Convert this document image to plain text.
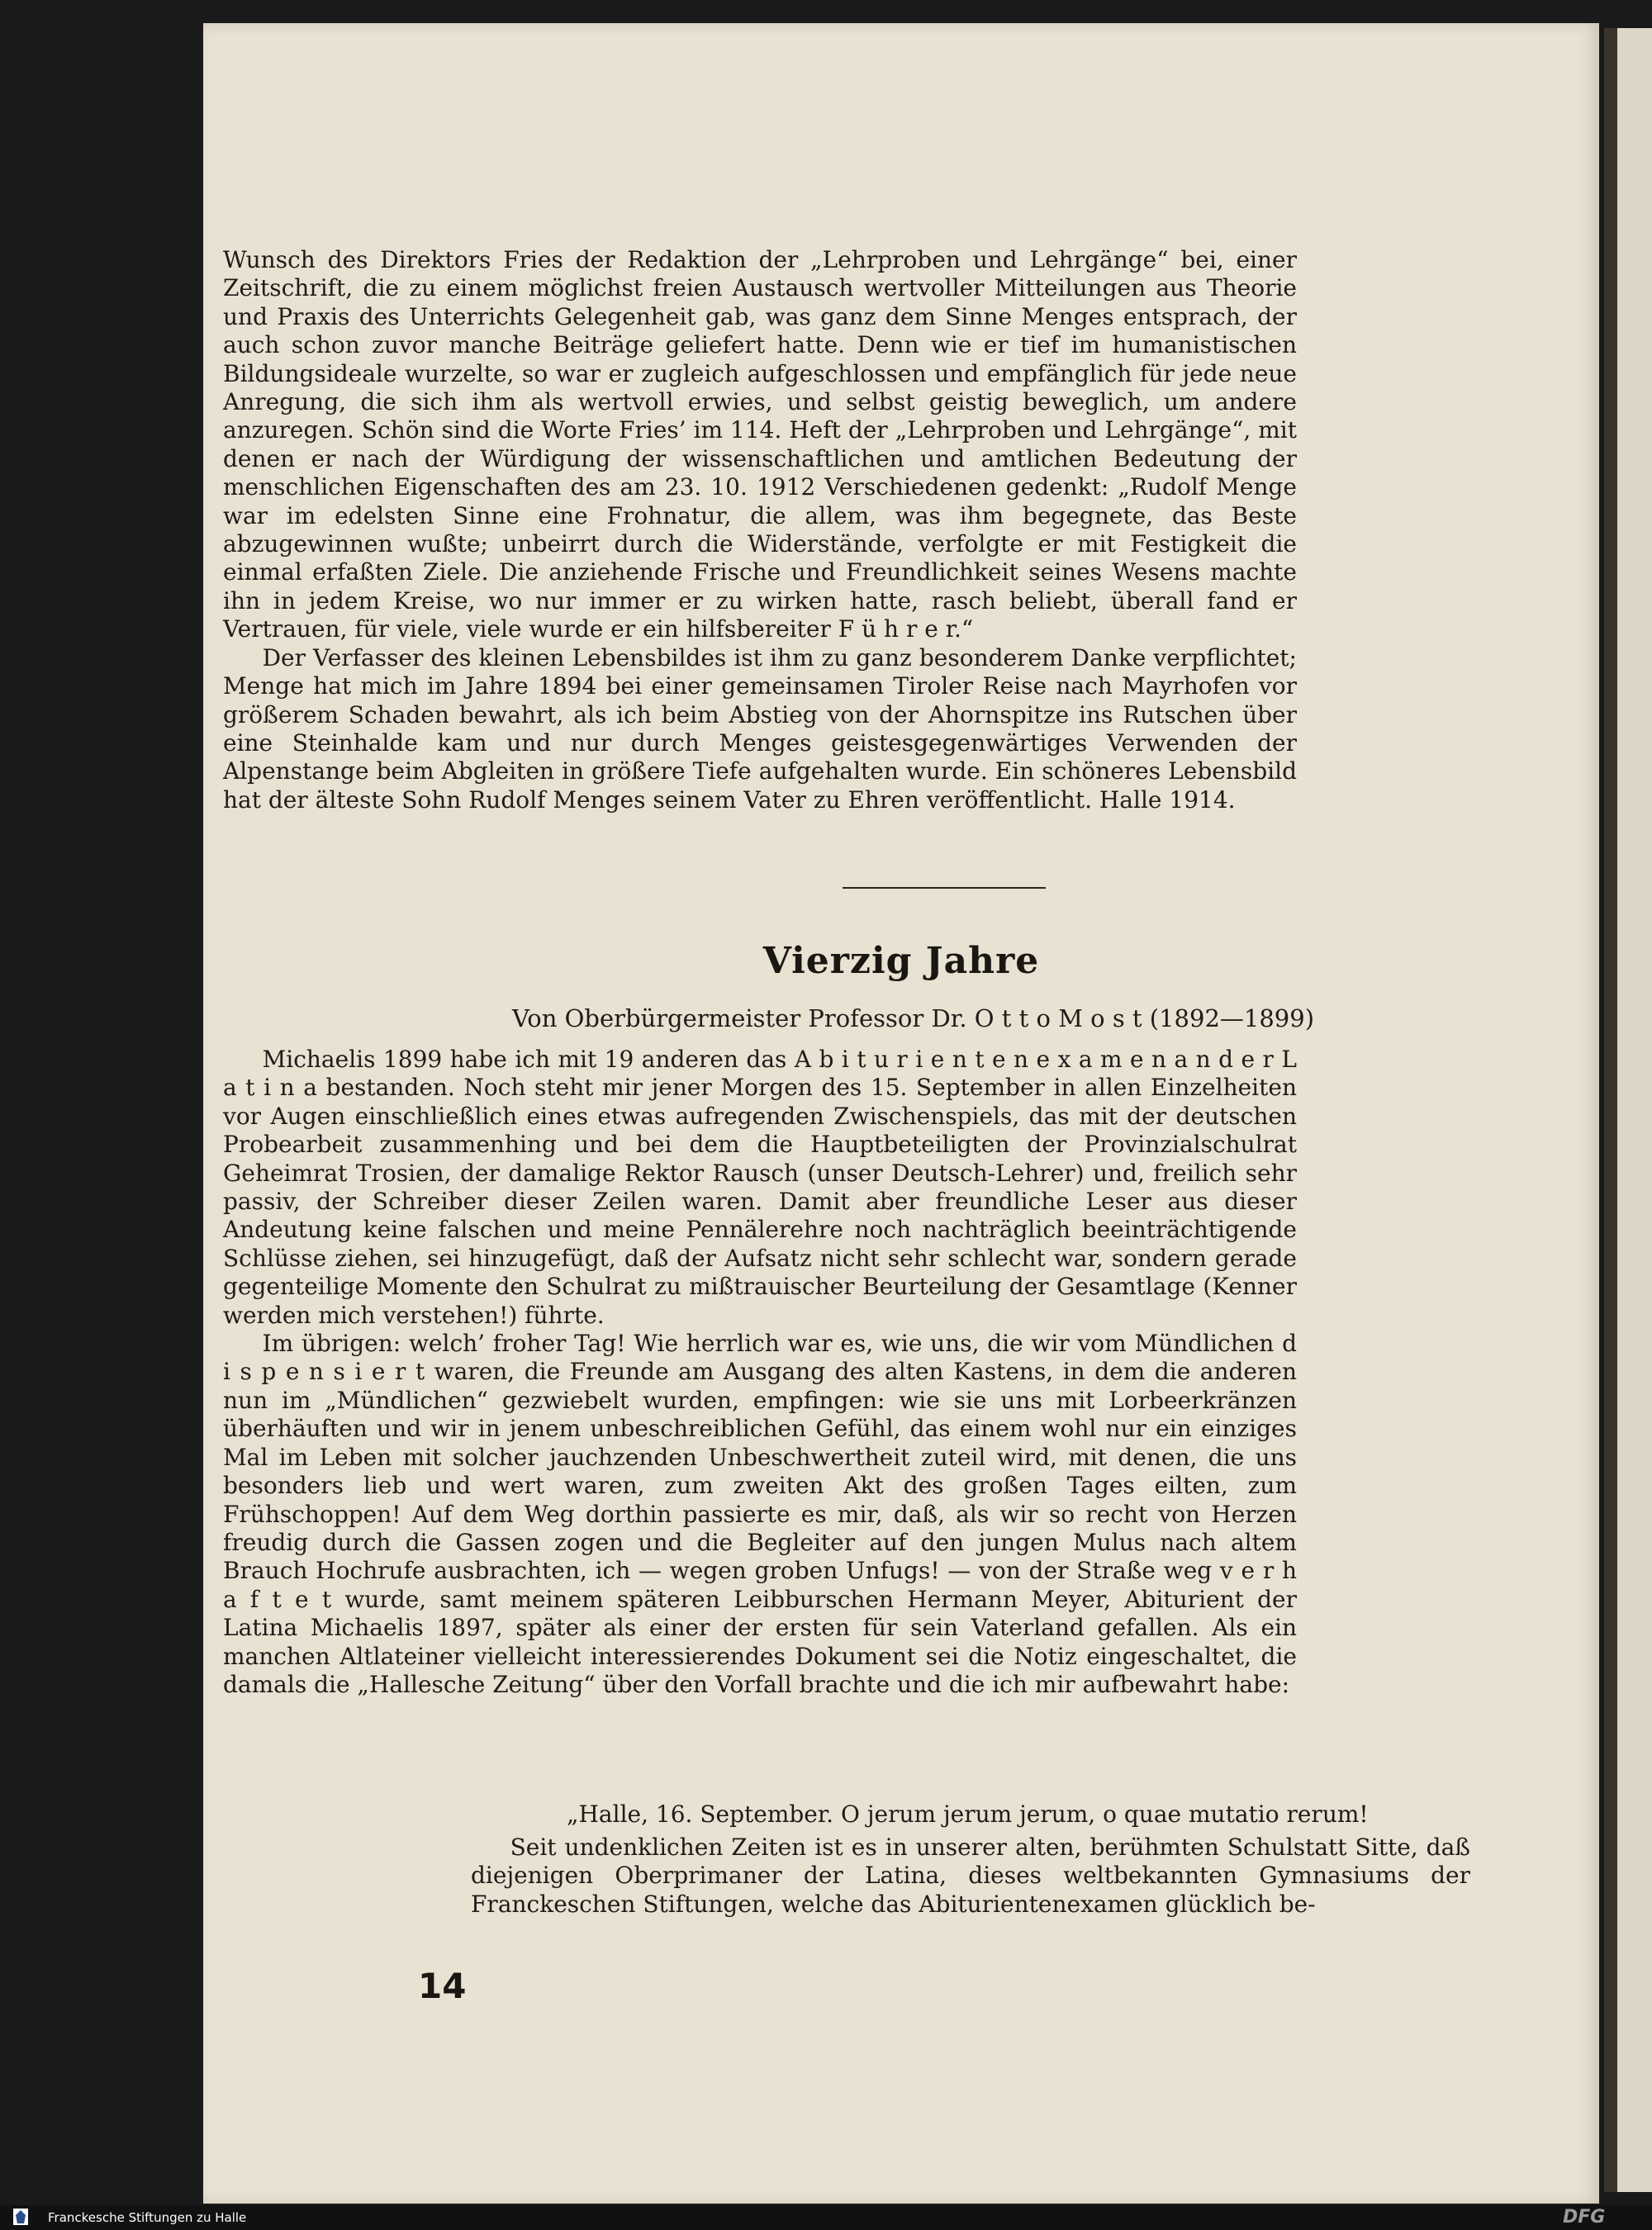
Wunsch des Direktors Fries der Redaktion der „Lehrproben und Lehrgänge“ bei, einer Zeitschrift, die zu einem möglichst freien Austausch wertvoller Mitteilungen aus Theorie und Praxis des Unterrichts Gelegenheit gab, was ganz dem Sinne Menges entsprach, der auch schon zuvor manche Beiträge geliefert hatte. Denn wie er tief im humanistischen Bildungsideale wurzelte, so war er zugleich aufgeschlossen und empfänglich für jede neue Anregung, die sich ihm als wertvoll erwies, und selbst geistig beweglich, um andere anzuregen. Schön sind die Worte Fries’ im 114. Heft der „Lehrproben und Lehrgänge“, mit denen er nach der Würdigung der wissenschaftlichen und amtlichen Bedeutung der menschlichen Eigenschaften des am 23. 10. 1912 Verschiedenen gedenkt: „Rudolf Menge war im edelsten Sinne eine Frohnatur, die allem, was ihm begegnete, das Beste abzugewinnen wußte; unbeirrt durch die Widerstände, verfolgte er mit Festigkeit die einmal erfaßten Ziele. Die anziehende Frische und Freundlichkeit seines Wesens machte ihn in jedem Kreise, wo nur immer er zu wirken hatte, rasch beliebt, überall fand er Vertrauen, für viele, viele wurde er ein hilfsbereiter F ü h r e r.“

Der Verfasser des kleinen Lebensbildes ist ihm zu ganz besonderem Danke verpflichtet; Menge hat mich im Jahre 1894 bei einer gemeinsamen Tiroler Reise nach Mayrhofen vor größerem Schaden bewahrt, als ich beim Abstieg von der Ahornspitze ins Rutschen über eine Steinhalde kam und nur durch Menges geistesgegenwärtiges Verwenden der Alpenstange beim Abgleiten in größere Tiefe aufgehalten wurde. Ein schöneres Lebensbild hat der älteste Sohn Rudolf Menges seinem Vater zu Ehren veröffentlicht. Halle 1914.

Vierzig Jahre
Von Oberbürgermeister Professor Dr. O t t o M o s t (1892—1899)

Michaelis 1899 habe ich mit 19 anderen das A b i t u r i e n t e n e x a m e n a n d e r L a t i n a bestanden. Noch steht mir jener Morgen des 15. September in allen Einzelheiten vor Augen einschließlich eines etwas aufregenden Zwischenspiels, das mit der deutschen Probearbeit zusammenhing und bei dem die Hauptbeteiligten der Provinzialschulrat Geheimrat Trosien, der damalige Rektor Rausch (unser Deutsch-Lehrer) und, freilich sehr passiv, der Schreiber dieser Zeilen waren. Damit aber freundliche Leser aus dieser Andeutung keine falschen und meine Pennälerehre noch nachträglich beeinträchtigende Schlüsse ziehen, sei hinzugefügt, daß der Aufsatz nicht sehr schlecht war, sondern gerade gegenteilige Momente den Schulrat zu mißtrauischer Beurteilung der Gesamtlage (Kenner werden mich verstehen!) führte.

Im übrigen: welch’ froher Tag! Wie herrlich war es, wie uns, die wir vom Mündlichen d i s p e n s i e r t waren, die Freunde am Ausgang des alten Kastens, in dem die anderen nun im „Mündlichen“ gezwiebelt wurden, empfingen: wie sie uns mit Lorbeerkränzen überhäuften und wir in jenem unbeschreiblichen Gefühl, das einem wohl nur ein einziges Mal im Leben mit solcher jauchzenden Unbeschwertheit zuteil wird, mit denen, die uns besonders lieb und wert waren, zum zweiten Akt des großen Tages eilten, zum Frühschoppen! Auf dem Weg dorthin passierte es mir, daß, als wir so recht von Herzen freudig durch die Gassen zogen und die Begleiter auf den jungen Mulus nach altem Brauch Hochrufe ausbrachten, ich — wegen groben Unfugs! — von der Straße weg v e r h a f t e t wurde, samt meinem späteren Leibburschen Hermann Meyer, Abiturient der Latina Michaelis 1897, später als einer der ersten für sein Vaterland gefallen. Als ein manchen Altlateiner vielleicht interessierendes Dokument sei die Notiz eingeschaltet, die damals die „Hallesche Zeitung“ über den Vorfall brachte und die ich mir aufbewahrt habe:

„Halle, 16. September. O jerum jerum jerum, o quae mutatio rerum!

Seit undenklichen Zeiten ist es in unserer alten, berühmten Schulstatt Sitte, daß diejenigen Oberprimaner der Latina, dieses weltbekannten Gymnasiums der Franckeschen Stiftungen, welche das Abiturientenexamen glücklich be-

14
Franckesche Stiftungen zu Halle	DFG
